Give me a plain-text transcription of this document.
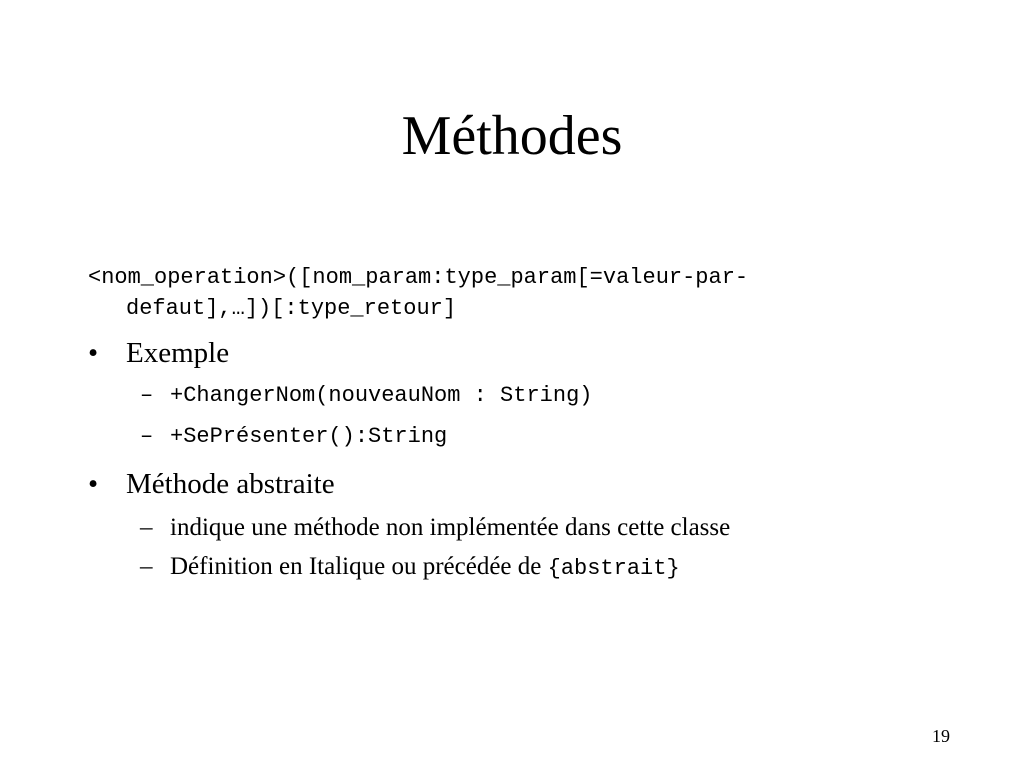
Méthodes
<nom_operation>([nom_param:type_param[=valeur-par-
defaut],…])[:type_retour]
• Exemple
– +ChangerNom(nouveauNom : String)
– +SePrésenter():String
• Méthode abstraite
– indique une méthode non implémentée dans cette classe
– Définition en Italique ou précédée de {abstrait}
19
